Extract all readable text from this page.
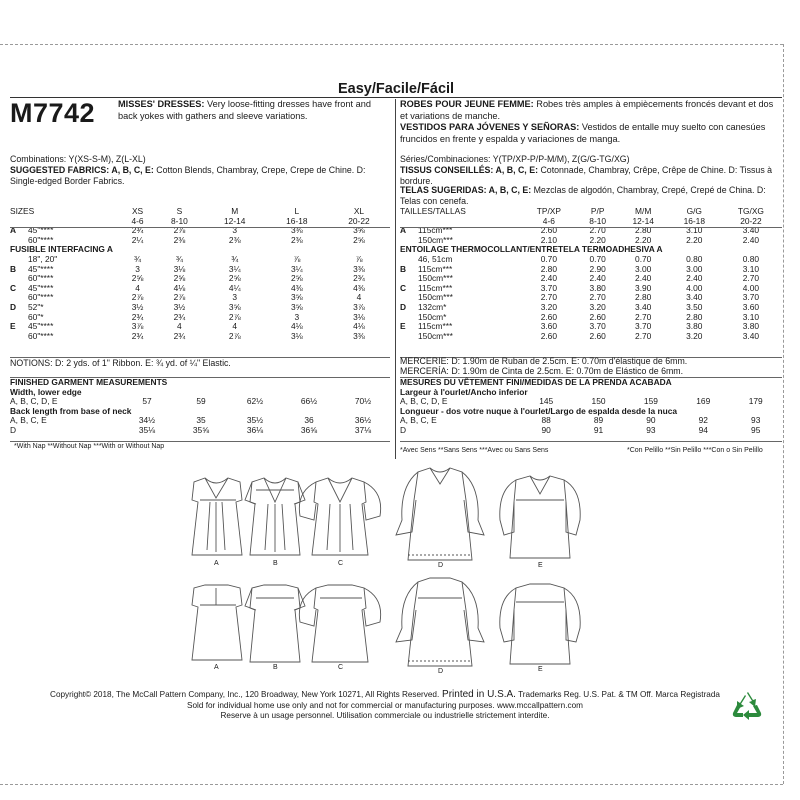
Easy/Facile/Fácil
M7742 MISSES' DRESSES: Very loose-fitting dresses have front and back yokes with gathers and sleeve variations.
Combinations: Y(XS-S-M), Z(L-XL)
SUGGESTED FABRICS: A, B, C, E: Cotton Blends, Chambray, Crepe, Crepe de Chine. D: Single-edged Border Fabrics.
ROBES POUR JEUNE FEMME: Robes très amples à empiècements froncés devant et dos et variations de manche.
VESTIDOS PARA JÓVENES Y SEÑORAS: Vestidos de entalle muy suelto con canesúes fruncidos en frente y espalda y variaciones de manga.
Séries/Combinaciones: Y(TP/XP-P/P-M/M), Z(G/G-TG/XG)
TISSUS CONSEILLÉS: A, B, C, E: Cotonnade, Chambray, Crêpe, Crêpe de Chine. D: Tissus à bordure.
TELAS SUGERIDAS: A, B, C, E: Mezclas de algodón, Chambray, Crepé, Crepé de China. D: Telas con cenefa.
SIZES		XS	S	M	L	XL
		4-6	8-10	12-14	16-18	20-22
A	45"****	2¾	2⅞	3	3⅜	3⅝
	60"****	2¼	2⅜	2⅜	2⅜	2⅝
FUSIBLE INTERFACING A						
	18", 20"	¾	¾	¾	⅞	⅞
B	45"****	3	3⅛	3¼	3¼	3⅜
	60"****	2⅝	2⅝	2⅝	2⅝	2¾
C	45"****	4	4⅛	4¼	4⅜	4⅜
	60"****	2⅞	2⅞	3	3⅝	4
D	52"*	3½	3½	3⅝	3⅝	3⅞
	60"*	2¾	2¾	2⅞	3	3⅛
E	45"****	3⅞	4	4	4⅛	4⅛
	60"****	2¾	2¾	2⅞	3⅛	3⅜
TAILLES/TALLAS		TP/XP	P/P	M/M	G/G	TG/XG
		4-6	8-10	12-14	16-18	20-22
A	115cm***	2.60	2.70	2.80	3.10	3.40
	150cm***	2.10	2.20	2.20	2.20	2.40
ENTOILAGE THERMOCOLLANT/ENTRETELA TERMOADHESIVA A						
	46, 51cm	0.70	0.70	0.70	0.80	0.80
B	115cm***	2.80	2.90	3.00	3.00	3.10
	150cm***	2.40	2.40	2.40	2.40	2.70
C	115cm***	3.70	3.80	3.90	4.00	4.00
	150cm***	2.70	2.70	2.80	3.40	3.70
D	132cm*	3.20	3.20	3.40	3.50	3.60
	150cm*	2.60	2.60	2.70	2.80	3.10
E	115cm***	3.60	3.70	3.70	3.80	3.80
	150cm***	2.60	2.60	2.70	3.20	3.40
NOTIONS: D: 2 yds. of 1" Ribbon. E: ¾ yd. of ¼" Elastic.	MERCERIE: D: 1.90m de Ruban de 2.5cm. E: 0.70m d'élastique de 6mm.
MERCERÍA: D: 1.90m de Cinta de 2.5cm. E: 0.70m de Elástico de 6mm.
FINISHED GARMENT MEASUREMENTS					
Width, lower edge					
A, B, C, D, E	57	59	62½	66½	70½
Back length from base of neck					
A, B, C, E	34½	35	35½	36	36½
D	35⅛	35⅝	36⅛	36⅝	37⅛
MESURES DU VÊTEMENT FINI/MEDIDAS DE LA PRENDA ACABADA					
Largeur à l'ourlet/Ancho inferior					
A, B, C, D, E	145	150	159	169	179
Longueur - dos votre nuque à l'ourlet/Largo de espalda desde la nuca					
A, B, C, E	88	89	90	92	93
D	90	91	93	94	95
*With Nap **Without Nap ***With or Without Nap
*Avec Sens **Sans Sens ***Avec ou Sans Sens	*Con Pelillo **Sin Pelillo ***Con o Sin Pelillo
A	B	C	D	E
A	B	C
D	E
Copyright© 2018, The McCall Pattern Company, Inc., 120 Broadway, New York 10271, All Rights Reserved. Printed in U.S.A. Trademarks Reg. U.S. Pat. & TM Off. Marca Registrada
Sold for individual home use only and not for commercial or manufacturing purposes. www.mccallpattern.com
Reserve à un usage personnel. Utilisation commerciale ou industrielle strictement interdite.
